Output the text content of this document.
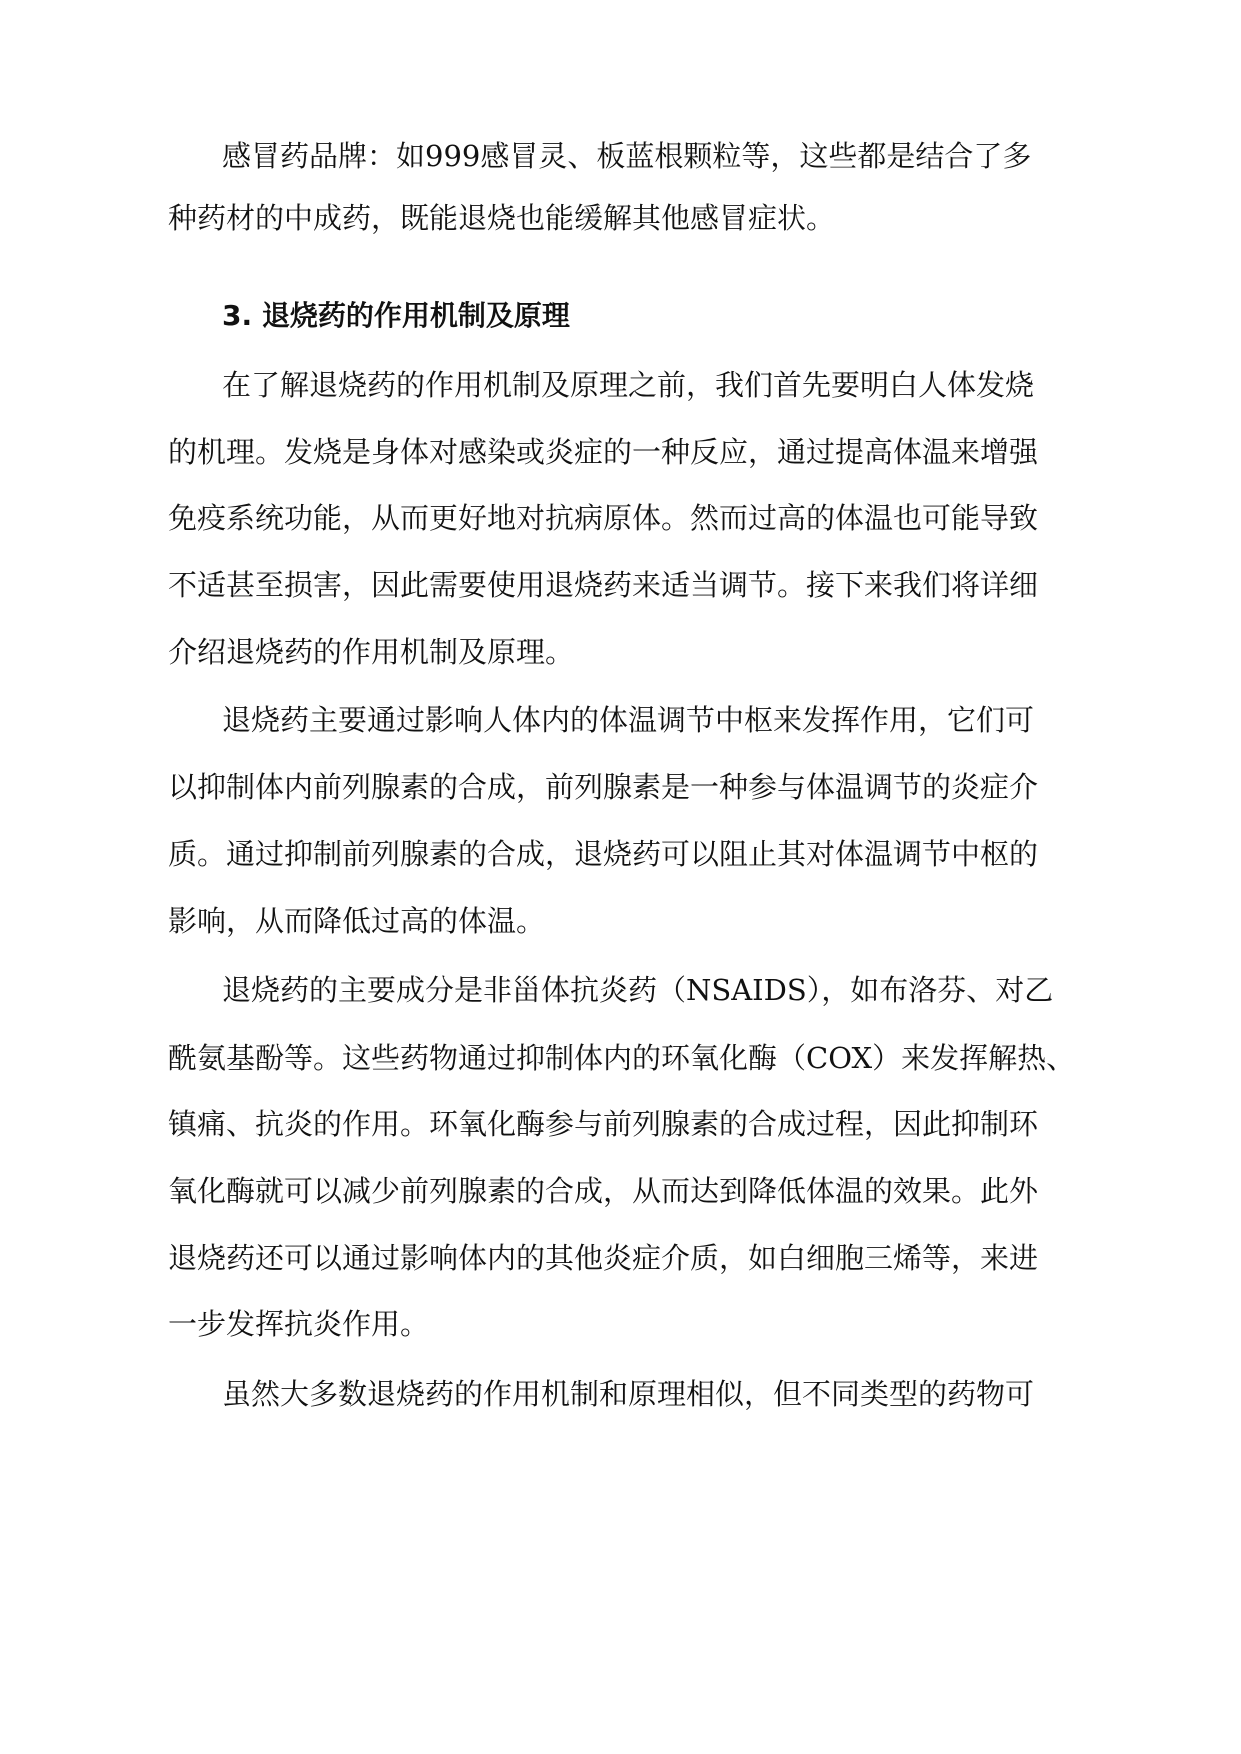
感冒药品牌：如999感冒灵、板蓝根颗粒等，这些都是结合了多
种药材的中成药，既能退烧也能缓解其他感冒症状。
3. 退烧药的作用机制及原理
在了解退烧药的作用机制及原理之前，我们首先要明白人体发烧
的机理。发烧是身体对感染或炎症的一种反应，通过提高体温来增强
免疫系统功能，从而更好地对抗病原体。然而过高的体温也可能导致
不适甚至损害，因此需要使用退烧药来适当调节。接下来我们将详细
介绍退烧药的作用机制及原理。
退烧药主要通过影响人体内的体温调节中枢来发挥作用，它们可
以抑制体内前列腺素的合成，前列腺素是一种参与体温调节的炎症介
质。通过抑制前列腺素的合成，退烧药可以阻止其对体温调节中枢的
影响，从而降低过高的体温。
退烧药的主要成分是非甾体抗炎药（NSAIDS），如布洛芬、对乙
酰氨基酚等。这些药物通过抑制体内的环氧化酶（COX）来发挥解热、
镇痛、抗炎的作用。环氧化酶参与前列腺素的合成过程，因此抑制环
氧化酶就可以减少前列腺素的合成，从而达到降低体温的效果。此外
退烧药还可以通过影响体内的其他炎症介质，如白细胞三烯等，来进
一步发挥抗炎作用。
虽然大多数退烧药的作用机制和原理相似，但不同类型的药物可
